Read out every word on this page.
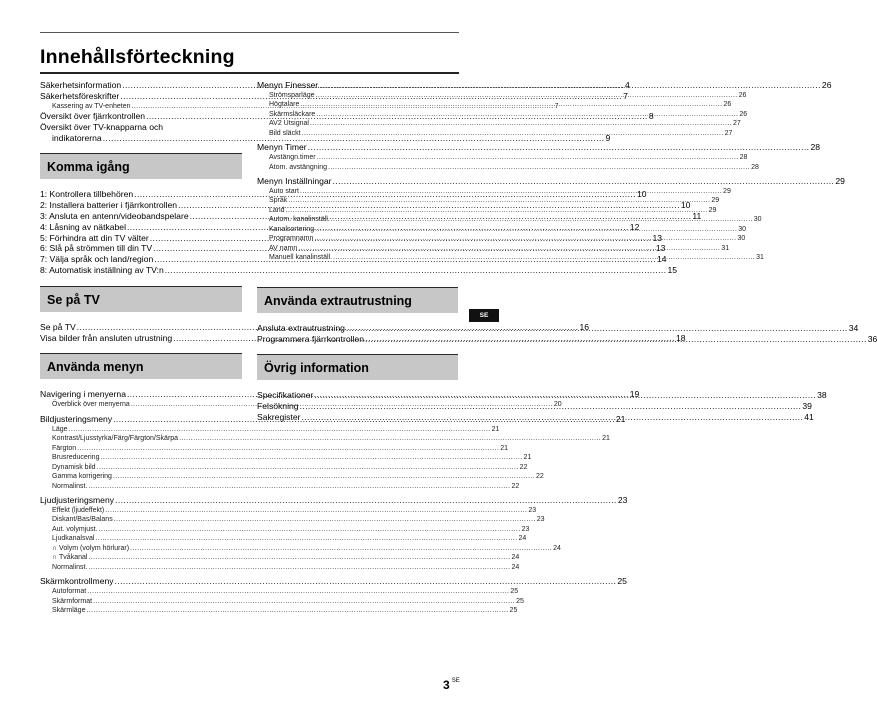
Innehållsförteckning
Säkerhetsinformation .....	4
Säkerhetsföreskrifter .....	7
Kassering av TV-enheten .....	7
Översikt över fjärrkontrollen .....	8
Översikt över TV-knapparna och
indikatorerna .....	9
Komma igång
1: Kontrollera tillbehören .....	10
2: Installera batterier i fjärrkontrollen .....	10
3: Ansluta en antenn/videobandspelare .....	11
4: Låsning av nätkabel .....	12
5: Förhindra att din TV välter .....	13
6: Slå på strömmen till din TV .....	13
7: Välja språk och land/region .....	14
8: Automatisk inställning av TV:n .....	15
Se på TV
Se på TV .....	16
Visa bilder från ansluten utrustning .....	18
Använda menyn
Navigering i menyerna .....	19
Överblick över menyerna .....	20
Bildjusteringsmeny .....	21
Läge .....	21
Kontrast/Ljusstyrka/Färg/Färgton/Skärpa .....	21
Färgton .....	21
Brusreducering .....	21
Dynamisk bild .....	22
Gamma korrigering .....	22
Normalinst. .....	22
Ljudjusteringsmeny .....	23
Effekt (ljudeffekt) .....	23
Diskant/Bas/Balans .....	23
Aut. volymjust. .....	23
Ljudkanalsval .....	24
∩ Volym (volym hörlurar) .....	24
∩ Tvåkanal .....	24
Normalinst. .....	24
Skärmkontrollmeny .....	25
Autoformat .....	25
Skärmformat .....	25
Skärmläge .....	25
Menyn Finesser .....	26
Strömsparläge .....	26
Högtalare .....	26
Skärmsläckare .....	26
AV2 Utsignal .....	27
Bild släckt .....	27
Menyn Timer .....	28
Avstängn.timer .....	28
Atom. avstängning .....	28
Menyn Inställningar .....	29
Auto start .....	29
Språk .....	29
Land .....	29
Autom. kanalinställ. .....	30
Kanalsortering .....	30
Programnamn .....	30
AV namn .....	31
Manuell kanalinställ. .....	31
Använda extrautrustning
Ansluta extrautrustning .....	34
Programmera fjärrkontrollen .....	36
Övrig information
Specifikationer .....	38
Felsökning .....	39
Sakregister .....	41
SE
3 $^{SE}$
